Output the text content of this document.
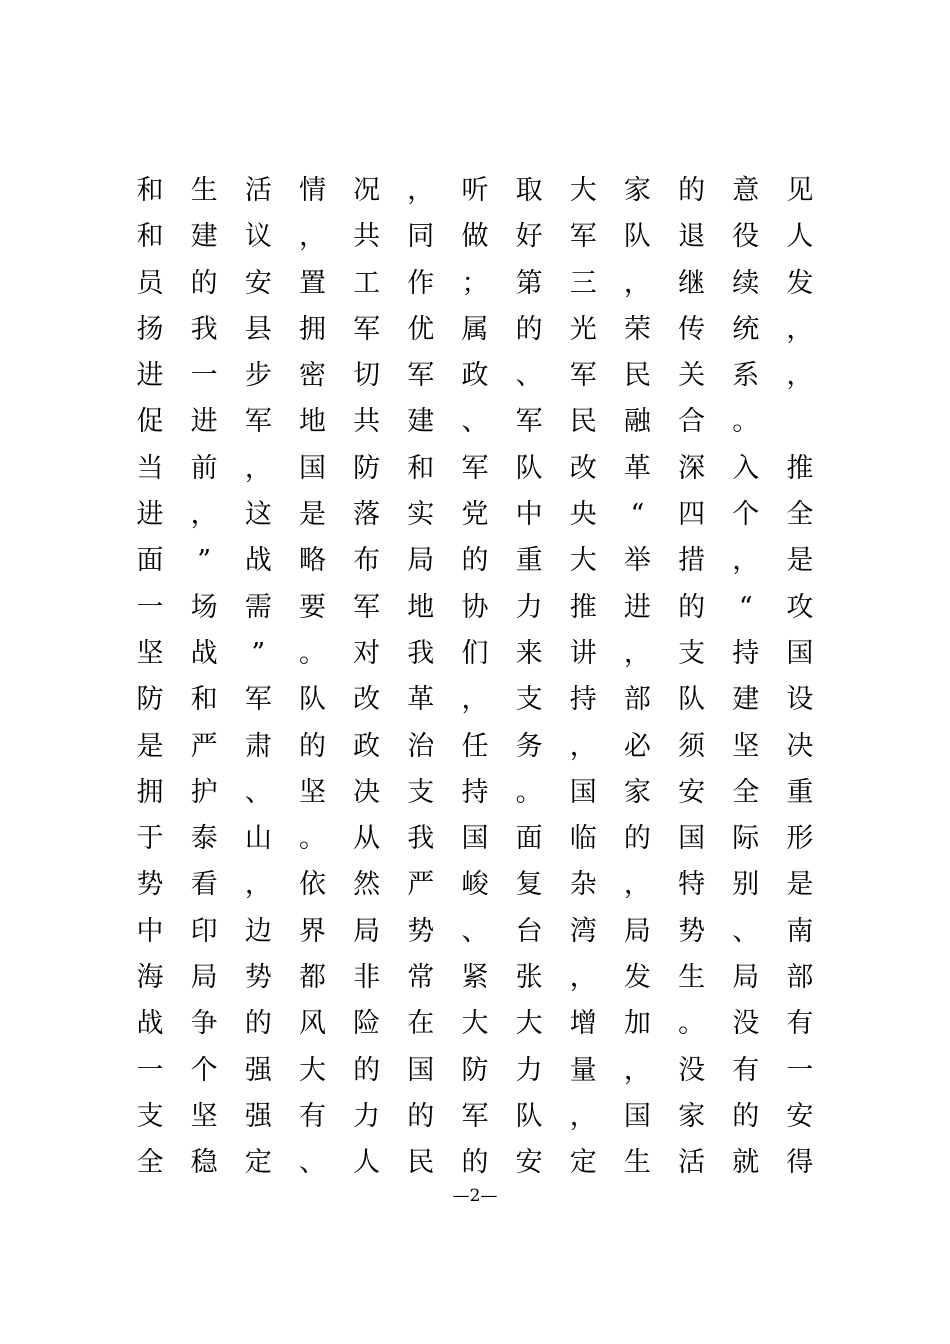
和 生 活 情 况 ， 听 取 大 家 的 意 见
和 建 议 ， 共 同 做 好 军 队 退 役 人
员 的 安 置 工 作 ； 第 三 ， 继 续 发
扬 我 县 拥 军 优 属 的 光 荣 传 统 ，
进 一 步 密 切 军 政 、 军 民 关 系 ，
促 进 军 地 共 建 、 军 民 融 合 。
当 前 ， 国 防 和 军 队 改 革 深 入 推
进 ， 这 是 落 实 党 中 央 “ 四 个 全
面 ” 战 略 布 局 的 重 大 举 措 ， 是
一 场 需 要 军 地 协 力 推 进 的 “ 攻
坚 战 ” 。 对 我 们 来 讲 ， 支 持 国
防 和 军 队 改 革 ， 支 持 部 队 建 设
是 严 肃 的 政 治 任 务 ， 必 须 坚 决
拥 护 、 坚 决 支 持 。 国 家 安 全 重
于 泰 山 。 从 我 国 面 临 的 国 际 形
势 看 ， 依 然 严 峻 复 杂 ， 特 别 是
中 印 边 界 局 势 、 台 湾 局 势 、 南
海 局 势 都 非 常 紧 张 ， 发 生 局 部
战 争 的 风 险 在 大 大 增 加 。 没 有
一 个 强 大 的 国 防 力 量 ， 没 有 一
支 坚 强 有 力 的 军 队 ， 国 家 的 安
全 稳 定 、 人 民 的 安 定 生 活 就 得
—2—
